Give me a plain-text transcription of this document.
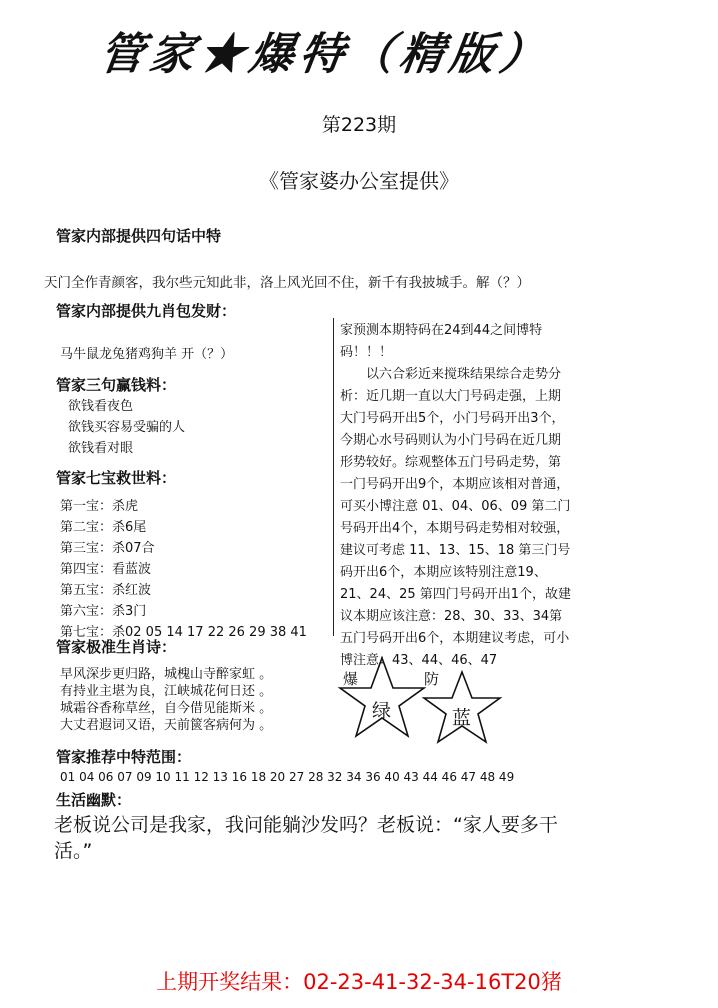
管家★爆特（精版）
第223期
《管家婆办公室提供》
管家内部提供四句话中特
天门全作青颜客，我尔些元知此非，洛上风光回不住，新千有我披城手。解（？）
管家内部提供九肖包发财：
马牛鼠龙兔猪鸡狗羊 开（？）
管家三句赢钱料：
欲钱看夜色
欲钱买容易受骗的人
欲钱看对眼
管家七宝救世料：
第一宝：杀虎
第二宝：杀6尾
第三宝：杀07合
第四宝：看蓝波
第五宝：杀红波
第六宝：杀3门
第七宝：杀02 05 14 17 22 26 29 38 41
管家极准生肖诗：
早风深步更归路，城槐山寺醉家虹 。
有持业主堪为良，江峡城花何日还 。
城霜谷香称草丝，自今借见能斯米 。
大丈君遐词又语，天前篋客病何为 。

家预测本期特码在24到44之间博特码！！！

以六合彩近来搅珠结果综合走势分析：近几期一直以大门号码走强，上期大门号码开出5个，小门号码开出3个，今期心水号码则认为小门号码在近几期形势较好。综观整体五门号码走势，第一门号码开出9个，本期应该相对普通，可买小博注意 01、04、06、09 第二门号码开出4个，本期号码走势相对较强，建议可考虑 11、13、15、18 第三门号码开出6个，本期应该特别注意19、21、24、25 第四门号码开出1个，故建议本期应该注意：28、30、33、34第五门号码开出6个，本期建议考虑，可小博注意：43、44、46、47

爆	防
绿	蓝
管家推荐中特范围：
01 04 06 07 09 10 11 12 13 16 18 20 27 28 32 34 36 40 43 44 46 47 48 49
生活幽默：
老板说公司是我家，我问能躺沙发吗？老板说：“家人要多干活。”
上期开奖结果：02-23-41-32-34-16T20猪
